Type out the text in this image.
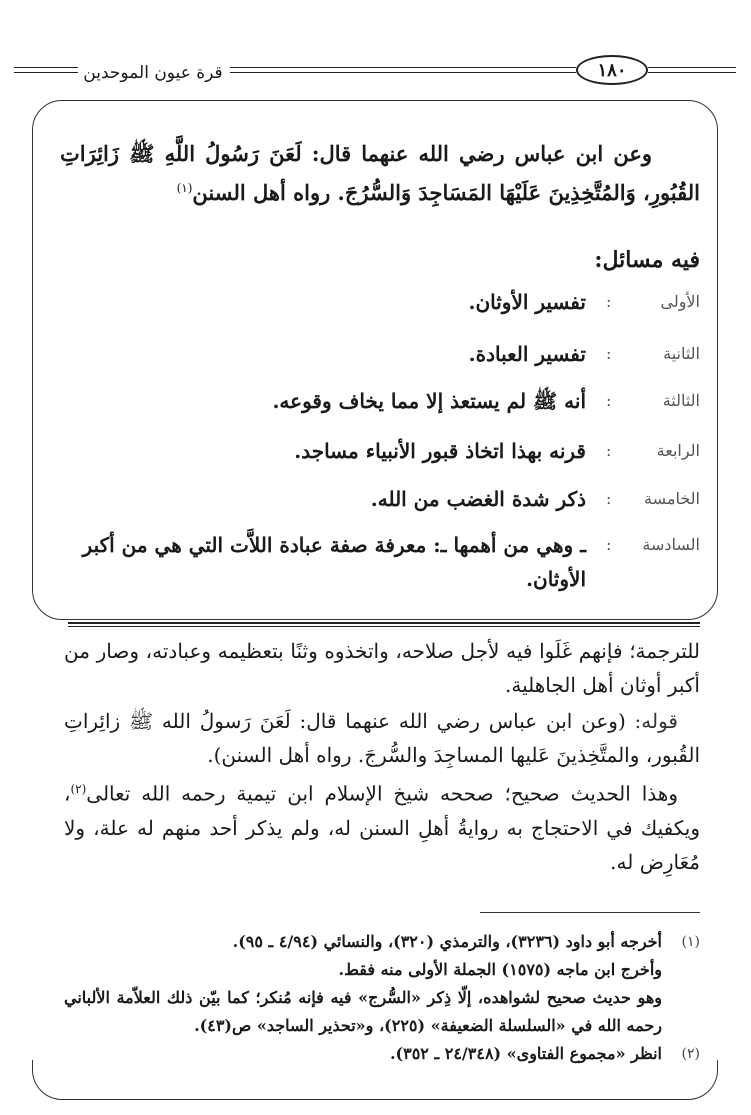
قرة عيون الموحدين	١٨٠
وعن ابن عباس رضي الله عنهما قال: لَعَنَ رَسُولُ اللَّهِ ﷺ زَائِرَاتِ القُبُورِ، وَالمُتَّخِذِينَ عَلَيْهَا المَسَاجِدَ وَالسُّرُجَ. رواه أهل السنن$^{(١)}$
فيه مسائل:
الأولى :
تفسير الأوثان.
الثانية :
تفسير العبادة.
الثالثة :
أنه ﷺ لم يستعذ إلا مما يخاف وقوعه.
الرابعة :
قرنه بهذا اتخاذ قبور الأنبياء مساجد.
الخامسة :
ذكر شدة الغضب من الله.
السادسة :
ـ وهي من أهمها ـ: معرفة صفة عبادة اللاَّت التي هي من أكبر الأوثان.
للترجمة؛ فإنهم غَلَوا فيه لأجل صلاحه، واتخذوه وثنًا بتعظيمه وعبادته، وصار من أكبر أوثان أهل الجاهلية.
قوله: (وعن ابن عباس رضي الله عنهما قال: لَعَنَ رَسولُ الله ﷺ زائِراتِ القُبور، والمتَّخِذينَ عَليها المساجِدَ والسُّرجَ. رواه أهل السنن).
وهذا الحديث صحيح؛ صححه شيخ الإسلام ابن تيمية رحمه الله تعالى$^{(٢)}$، ويكفيك في الاحتجاج به روايةُ أهلِ السنن له، ولم يذكر أحد منهم له علة، ولا مُعَارِض له.
(١)
أخرجه أبو داود (٣٢٣٦)، والترمذي (٣٢٠)، والنسائي (٤/٩٤ ـ ٩٥).
وأخرج ابن ماجه (١٥٧٥) الجملة الأولى منه فقط.
وهو حديث صحيح لشواهده، إلّا ذِكر «السُّرج» فيه فإنه مُنكر؛ كما بيّن ذلك العلاّمة الألباني رحمه الله في «السلسلة الضعيفة» (٢٢٥)، و«تحذير الساجد» ص(٤٣).
(٢)
انظر «مجموع الفتاوى» (٢٤/٣٤٨ ـ ٣٥٢).
